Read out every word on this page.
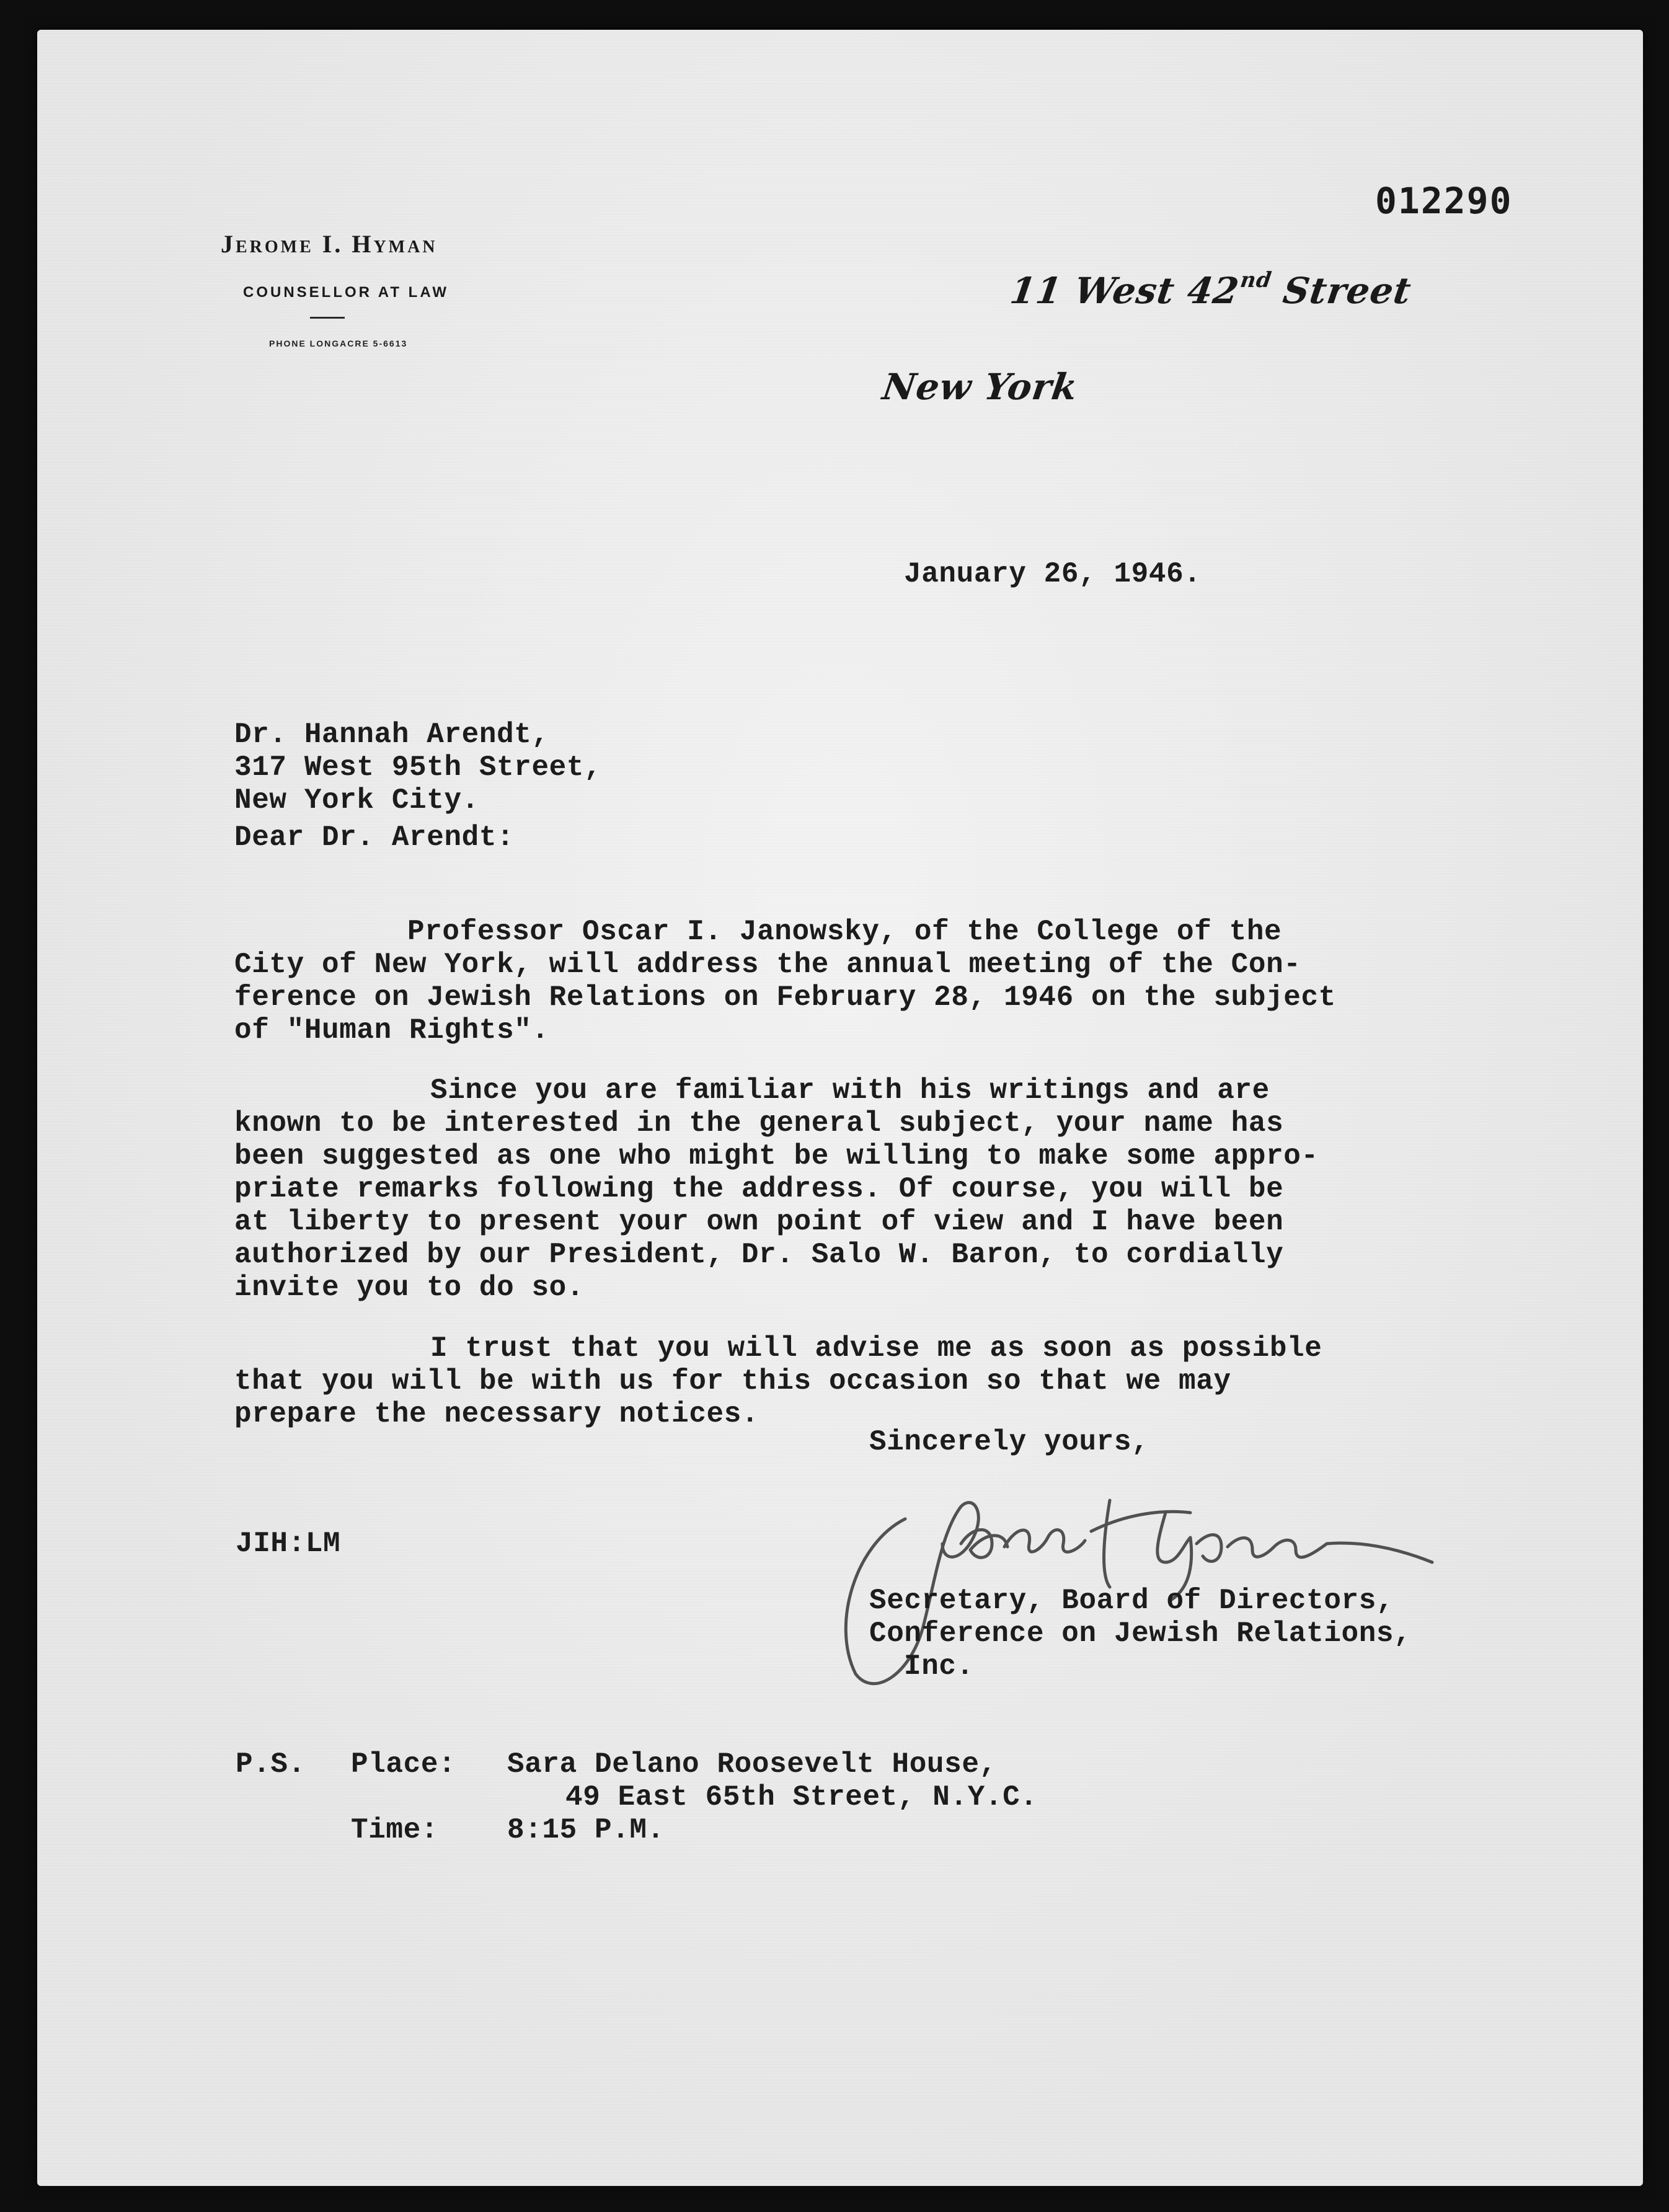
012290
Jerome I. Hyman
COUNSELLOR AT LAW
PHONE LONGACRE 5-6613
11 West 42nd Street
New York
January 26, 1946.

Dr. Hannah Arendt,
317 West 95th Street,
New York City.
Dear Dr. Arendt:

Professor Oscar I. Janowsky, of the College of the
City of New York, will address the annual meeting of the Con-
ference on Jewish Relations on February 28, 1946 on the subject
of "Human Rights".

Since you are familiar with his writings and are
known to be interested in the general subject, your name has
been suggested as one who might be willing to make some appro-
priate remarks following the address. Of course, you will be
at liberty to present your own point of view and I have been
authorized by our President, Dr. Salo W. Baron, to cordially
invite you to do so.

I trust that you will advise me as soon as possible
that you will be with us for this occasion so that we may
prepare the necessary notices.
Sincerely yours,
JIH:LM

Secretary, Board of Directors,
Conference on Jewish Relations,
Inc.
P.S. Place: Sara Delano Roosevelt House,
49 East 65th Street, N.Y.C.
Time: 8:15 P.M.
